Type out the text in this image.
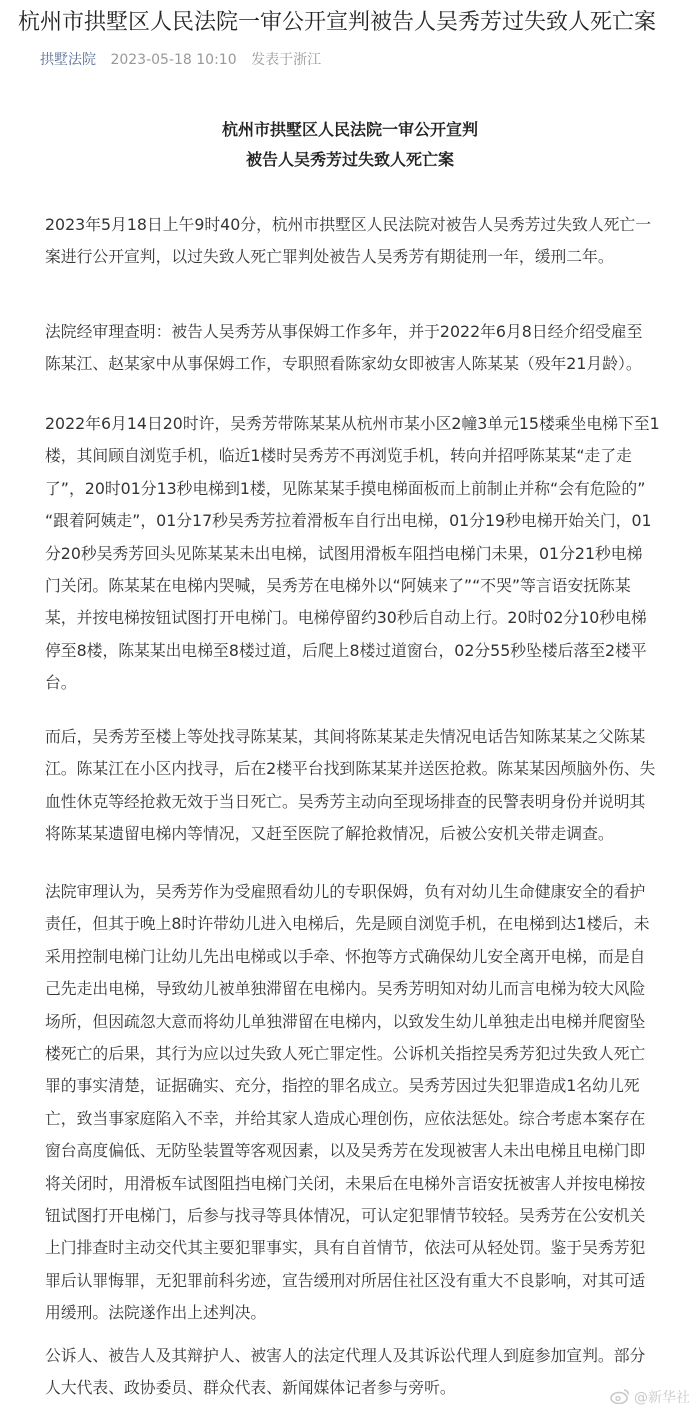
杭州市拱墅区人民法院一审公开宣判被告人吴秀芳过失致人死亡案
拱墅法院 2023-05-18 10:10 发表于浙江
杭州市拱墅区人民法院一审公开宣判
被告人吴秀芳过失致人死亡案
2023年5月18日上午9时40分，杭州市拱墅区人民法院对被告人吴秀芳过失致人死亡一
案进行公开宣判，以过失致人死亡罪判处被告人吴秀芳有期徒刑一年，缓刑二年。
法院经审理查明：被告人吴秀芳从事保姆工作多年，并于2022年6月8日经介绍受雇至
陈某江、赵某家中从事保姆工作，专职照看陈家幼女即被害人陈某某（殁年21月龄）。
2022年6月14日20时许，吴秀芳带陈某某从杭州市某小区2幢3单元15楼乘坐电梯下至1
楼，其间顾自浏览手机，临近1楼时吴秀芳不再浏览手机，转向并招呼陈某某“走了走
了”，20时01分13秒电梯到1楼，见陈某某手摸电梯面板而上前制止并称“会有危险的”
“跟着阿姨走”，01分17秒吴秀芳拉着滑板车自行出电梯，01分19秒电梯开始关门，01
分20秒吴秀芳回头见陈某某未出电梯，试图用滑板车阻挡电梯门未果，01分21秒电梯
门关闭。陈某某在电梯内哭喊，吴秀芳在电梯外以“阿姨来了”“不哭”等言语安抚陈某
某，并按电梯按钮试图打开电梯门。电梯停留约30秒后自动上行。20时02分10秒电梯
停至8楼，陈某某出电梯至8楼过道，后爬上8楼过道窗台，02分55秒坠楼后落至2楼平
台。
而后，吴秀芳至楼上等处找寻陈某某，其间将陈某某走失情况电话告知陈某某之父陈某
江。陈某江在小区内找寻，后在2楼平台找到陈某某并送医抢救。陈某某因颅脑外伤、失
血性休克等经抢救无效于当日死亡。吴秀芳主动向至现场排查的民警表明身份并说明其
将陈某某遗留电梯内等情况，又赶至医院了解抢救情况，后被公安机关带走调查。
法院审理认为，吴秀芳作为受雇照看幼儿的专职保姆，负有对幼儿生命健康安全的看护
责任，但其于晚上8时许带幼儿进入电梯后，先是顾自浏览手机，在电梯到达1楼后，未
采用控制电梯门让幼儿先出电梯或以手牵、怀抱等方式确保幼儿安全离开电梯，而是自
己先走出电梯，导致幼儿被单独滞留在电梯内。吴秀芳明知对幼儿而言电梯为较大风险
场所，但因疏忽大意而将幼儿单独滞留在电梯内，以致发生幼儿单独走出电梯并爬窗坠
楼死亡的后果，其行为应以过失致人死亡罪定性。公诉机关指控吴秀芳犯过失致人死亡
罪的事实清楚，证据确实、充分，指控的罪名成立。吴秀芳因过失犯罪造成1名幼儿死
亡，致当事家庭陷入不幸，并给其家人造成心理创伤，应依法惩处。综合考虑本案存在
窗台高度偏低、无防坠装置等客观因素，以及吴秀芳在发现被害人未出电梯且电梯门即
将关闭时，用滑板车试图阻挡电梯门关闭，未果后在电梯外言语安抚被害人并按电梯按
钮试图打开电梯门，后参与找寻等具体情况，可认定犯罪情节较轻。吴秀芳在公安机关
上门排查时主动交代其主要犯罪事实，具有自首情节，依法可从轻处罚。鉴于吴秀芳犯
罪后认罪悔罪，无犯罪前科劣迹，宣告缓刑对所居住社区没有重大不良影响，对其可适
用缓刑。法院遂作出上述判决。
公诉人、被告人及其辩护人、被害人的法定代理人及其诉讼代理人到庭参加宣判。部分
人大代表、政协委员、群众代表、新闻媒体记者参与旁听。
@新华社
